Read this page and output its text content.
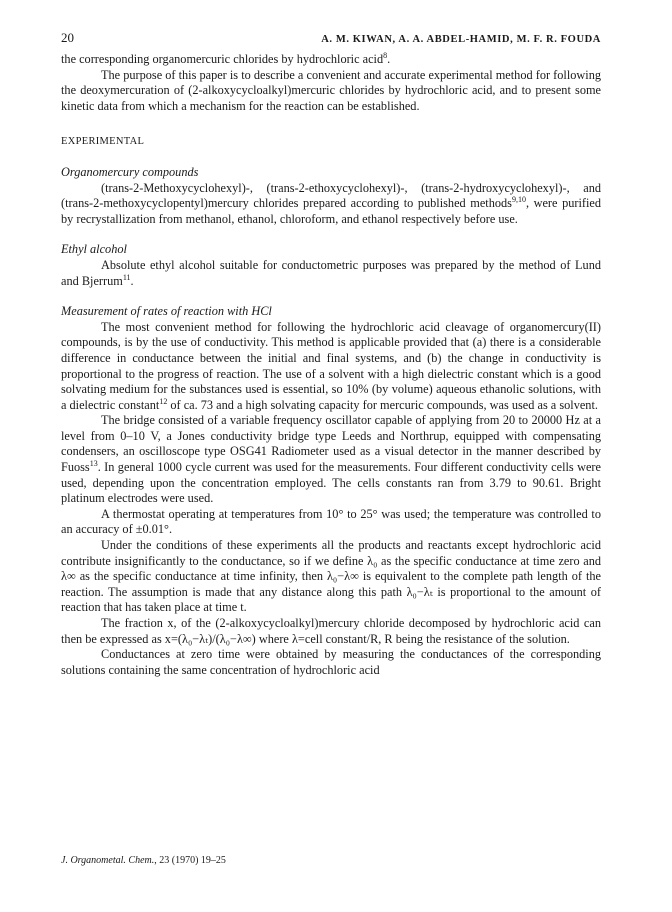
20	A. M. KIWAN, A. A. ABDEL-HAMID, M. F. R. FOUDA

the corresponding organomercuric chlorides by hydrochloric acid$^8$.

The purpose of this paper is to describe a convenient and accurate experimental method for following the deoxymercuration of (2-alkoxycycloalkyl)mercuric chlorides by hydrochloric acid, and to present some kinetic data from which a mechanism for the reaction can be established.

EXPERIMENTAL
Organomercury compounds

(trans-2-Methoxycyclohexyl)-, (trans-2-ethoxycyclohexyl)-, (trans-2-hydroxycyclohexyl)-, and (trans-2-methoxycyclopentyl)mercury chlorides prepared according to published methods$^{9,10}$, were purified by recrystallization from methanol, ethanol, chloroform, and ethanol respectively before use.

Ethyl alcohol

Absolute ethyl alcohol suitable for conductometric purposes was prepared by the method of Lund and Bjerrum$^{11}$.

Measurement of rates of reaction with HCl

The most convenient method for following the hydrochloric acid cleavage of organomercury(II) compounds, is by the use of conductivity. This method is applicable provided that (a) there is a considerable difference in conductance between the initial and final systems, and (b) the change in conductivity is proportional to the progress of reaction. The use of a solvent with a high dielectric constant which is a good solvating medium for the substances used is essential, so 10% (by volume) aqueous ethanolic solutions, with a dielectric constant$^{12}$ of ca. 73 and a high solvating capacity for mercuric compounds, was used as a solvent.

The bridge consisted of a variable frequency oscillator capable of applying from 20 to 20000 Hz at a level from 0–10 V, a Jones conductivity bridge type Leeds and Northrup, equipped with compensating condensers, an oscilloscope type OSG41 Radiometer used as a visual detector in the manner described by Fuoss$^{13}$. In general 1000 cycle current was used for the measurements. Four different conductivity cells were used, depending upon the concentration employed. The cells constants ran from 3.79 to 90.61. Bright platinum electrodes were used.

A thermostat operating at temperatures from 10° to 25° was used; the temperature was controlled to an accuracy of ±0.01°.

Under the conditions of these experiments all the products and reactants except hydrochloric acid contribute insignificantly to the conductance, so if we define λ₀ as the specific conductance at time zero and λ∞ as the specific conductance at time infinity, then λ₀−λ∞ is equivalent to the complete path length of the reaction. The assumption is made that any distance along this path λ₀−λₜ is proportional to the amount of reaction that has taken place at time t.

The fraction x, of the (2-alkoxycycloalkyl)mercury chloride decomposed by hydrochloric acid can then be expressed as x=(λ₀−λₜ)/(λ₀−λ∞) where λ=cell constant/R, R being the resistance of the solution.

Conductances at zero time were obtained by measuring the conductances of the corresponding solutions containing the same concentration of hydrochloric acid

J. Organometal. Chem., 23 (1970) 19–25
